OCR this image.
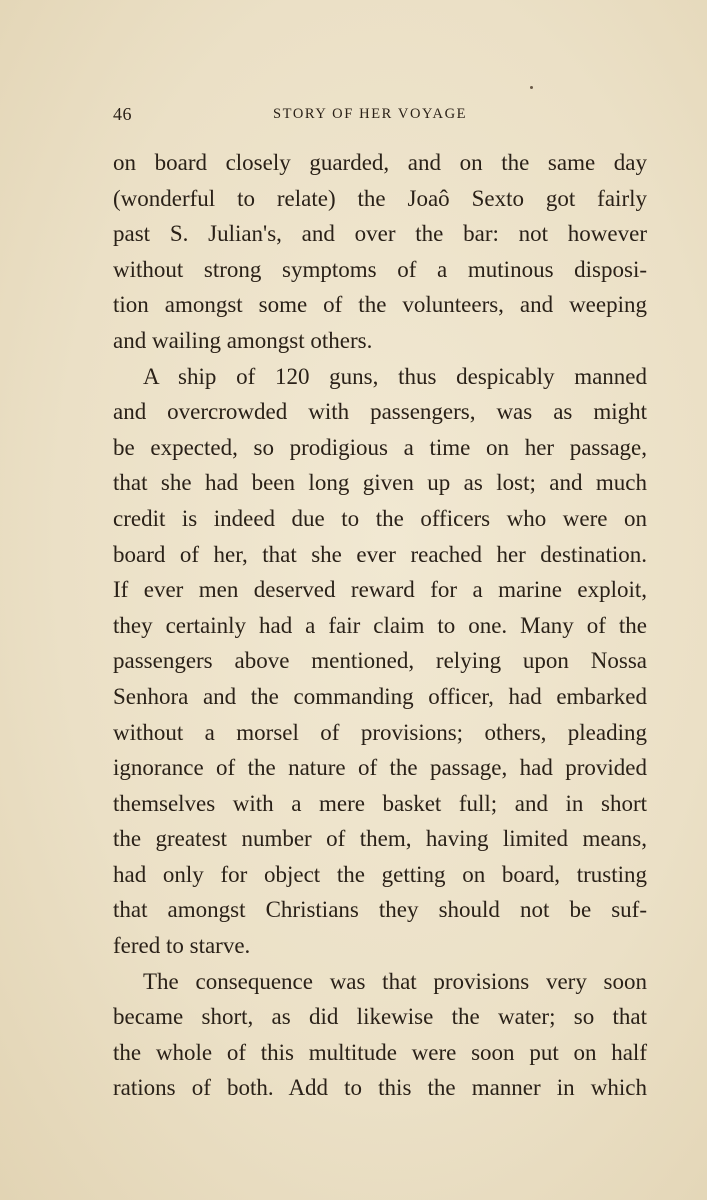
46	STORY OF HER VOYAGE
on board closely guarded, and on the same day
(wonderful to relate) the Joaô Sexto got fairly
past S. Julian's, and over the bar: not however
without strong symptoms of a mutinous disposi-
tion amongst some of the volunteers, and weeping
and wailing amongst others.
A ship of 120 guns, thus despicably manned
and overcrowded with passengers, was as might
be expected, so prodigious a time on her passage,
that she had been long given up as lost; and much
credit is indeed due to the officers who were on
board of her, that she ever reached her destination.
If ever men deserved reward for a marine exploit,
they certainly had a fair claim to one. Many of the
passengers above mentioned, relying upon Nossa
Senhora and the commanding officer, had embarked
without a morsel of provisions; others, pleading
ignorance of the nature of the passage, had provided
themselves with a mere basket full; and in short
the greatest number of them, having limited means,
had only for object the getting on board, trusting
that amongst Christians they should not be suf-
fered to starve.
The consequence was that provisions very soon
became short, as did likewise the water; so that
the whole of this multitude were soon put on half
rations of both. Add to this the manner in which
